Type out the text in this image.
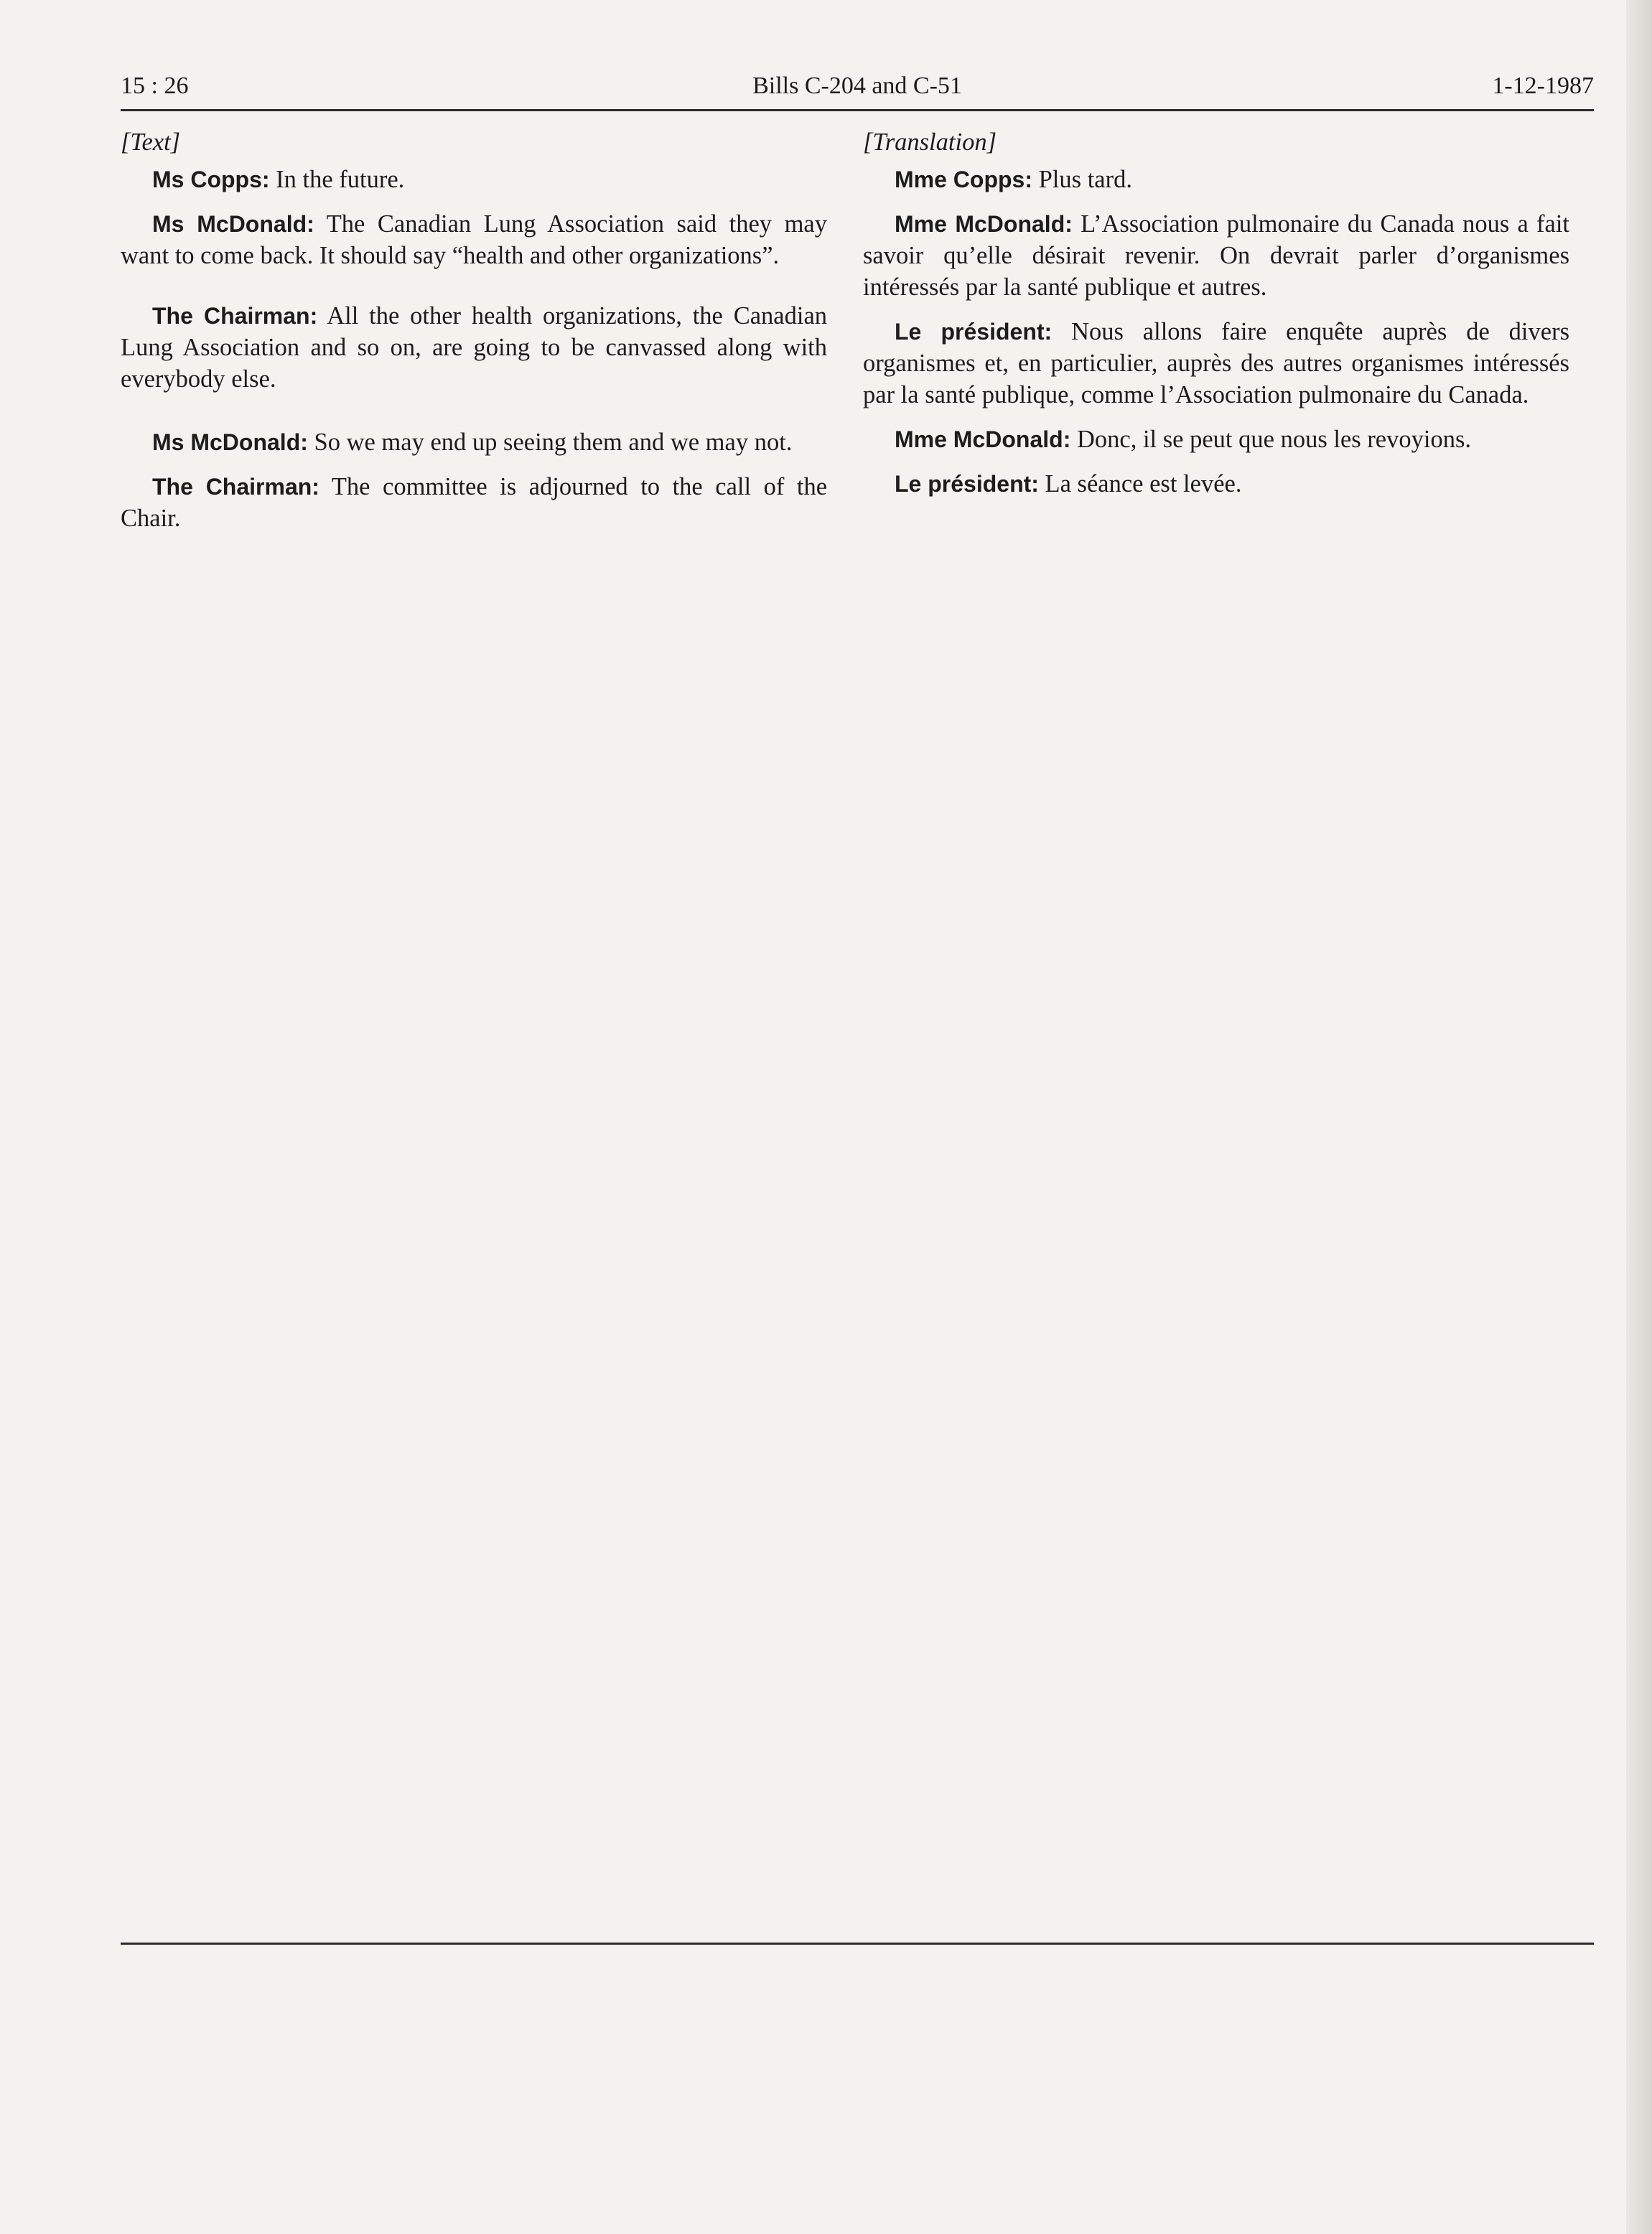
15 : 26	Bills C-204 and C-51	1-12-1987

[Text]

Ms Copps: In the future.

Ms McDonald: The Canadian Lung Association said they may want to come back. It should say “health and other organizations”.

The Chairman: All the other health organizations, the Canadian Lung Association and so on, are going to be canvassed along with everybody else.

Ms McDonald: So we may end up seeing them and we may not.

The Chairman: The committee is adjourned to the call of the Chair.

[Translation]

Mme Copps: Plus tard.

Mme McDonald: L’Association pulmonaire du Canada nous a fait savoir qu’elle désirait revenir. On devrait parler d’organismes intéressés par la santé publique et autres.

Le président: Nous allons faire enquête auprès de divers organismes et, en particulier, auprès des autres organismes intéressés par la santé publique, comme l’Association pulmonaire du Canada.

Mme McDonald: Donc, il se peut que nous les revoyions.

Le président: La séance est levée.
